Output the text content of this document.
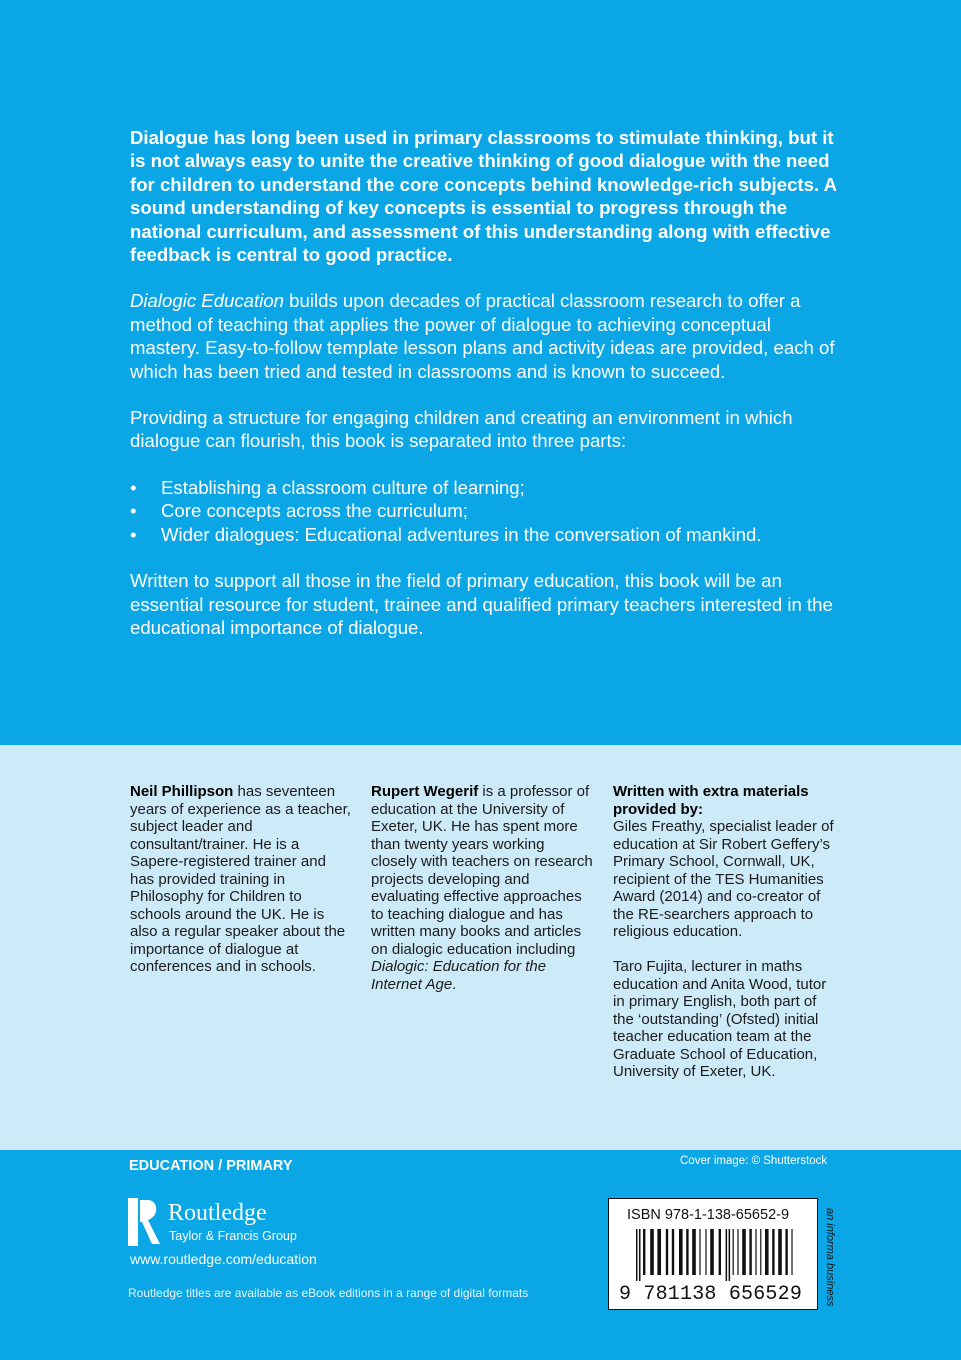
Dialogue has long been used in primary classrooms to stimulate thinking, but it is not always easy to unite the creative thinking of good dialogue with the need for children to understand the core concepts behind knowledge-rich subjects. A sound understanding of key concepts is essential to progress through the national curriculum, and assessment of this understanding along with effective feedback is central to good practice.

Dialogic Education builds upon decades of practical classroom research to offer a method of teaching that applies the power of dialogue to achieving conceptual mastery. Easy-to-follow template lesson plans and activity ideas are provided, each of which has been tried and tested in classrooms and is known to succeed.

Providing a structure for engaging children and creating an environment in which dialogue can flourish, this book is separated into three parts:

• Establishing a classroom culture of learning;
• Core concepts across the curriculum;
• Wider dialogues: Educational adventures in the conversation of mankind.

Written to support all those in the field of primary education, this book will be an essential resource for student, trainee and qualified primary teachers interested in the educational importance of dialogue.

Neil Phillipson has seventeen years of experience as a teacher, subject leader and consultant/trainer. He is a Sapere-registered trainer and has provided training in Philosophy for Children to schools around the UK. He is also a regular speaker about the importance of dialogue at conferences and in schools.

Rupert Wegerif is a professor of education at the University of Exeter, UK. He has spent more than twenty years working closely with teachers on research projects developing and evaluating effective approaches to teaching dialogue and has written many books and articles on dialogic education including Dialogic: Education for the Internet Age.

Written with extra materials provided by:

Giles Freathy, specialist leader of education at Sir Robert Geffery’s Primary School, Cornwall, UK, recipient of the TES Humanities Award (2014) and co-creator of the RE-searchers approach to religious education.

Taro Fujita, lecturer in maths education and Anita Wood, tutor in primary English, both part of the ‘outstanding’ (Ofsted) initial teacher education team at the Graduate School of Education, University of Exeter, UK.

EDUCATION / PRIMARY	Cover image: © Shutterstock
Routledge
Taylor & Francis Group
www.routledge.com/education
Routledge titles are available as eBook editions in a range of digital formats
ISBN 978-1-138-65652-9
9 781138 656529 an informa business
